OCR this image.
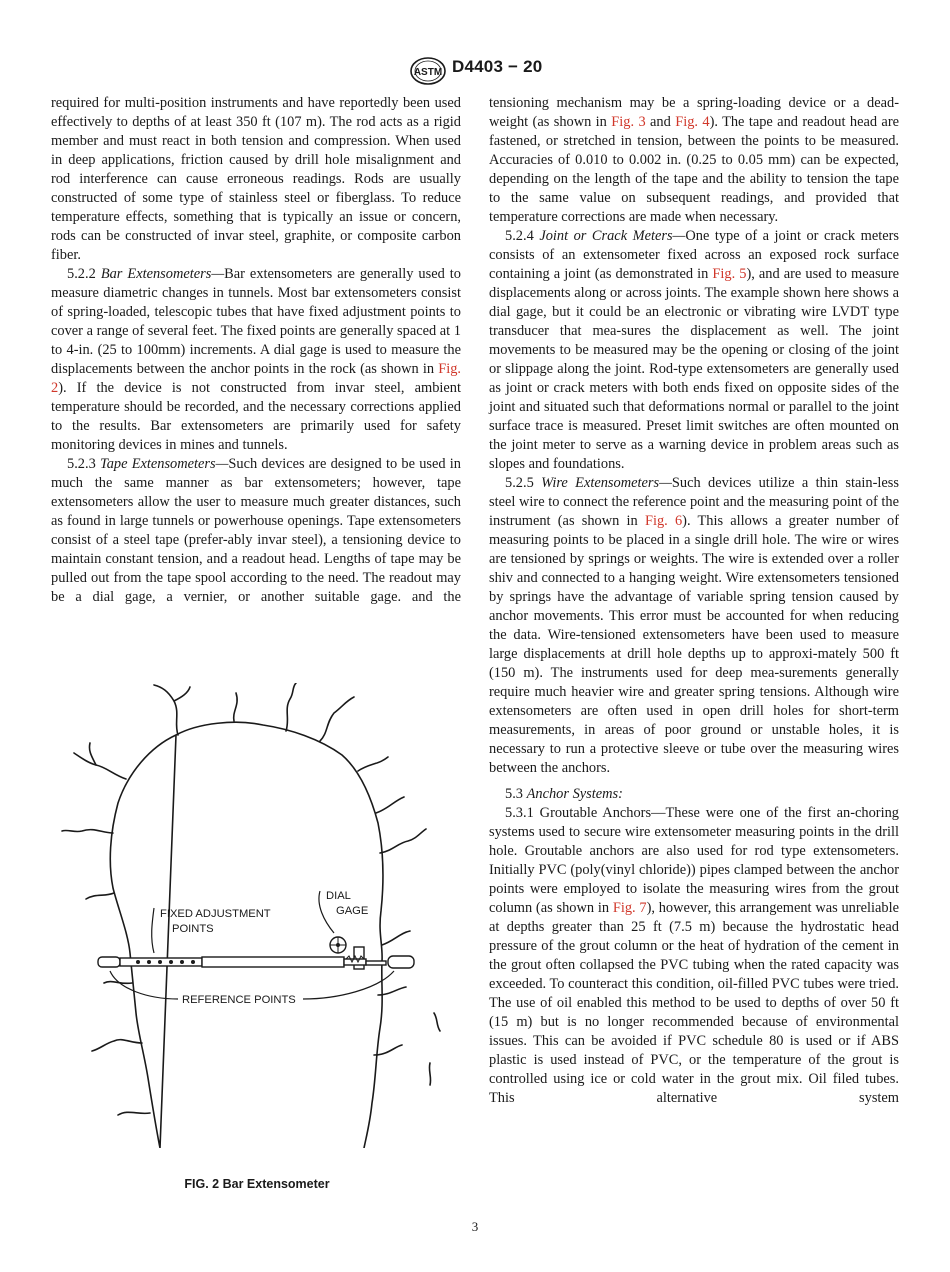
ASTM D4403 − 20

required for multi-position instruments and have reportedly been used effectively to depths of at least 350 ft (107 m). The rod acts as a rigid member and must react in both tension and compression. When used in deep applications, friction caused by drill hole misalignment and rod interference can cause erroneous readings. Rods are usually constructed of some type of stainless steel or fiberglass. To reduce temperature effects, something that is typically an issue or concern, rods can be constructed of invar steel, graphite, or composite carbon fiber.

5.2.2 Bar Extensometers—Bar extensometers are generally used to measure diametric changes in tunnels. Most bar extensometers consist of spring-loaded, telescopic tubes that have fixed adjustment points to cover a range of several feet. The fixed points are generally spaced at 1 to 4-in. (25 to 100mm) increments. A dial gage is used to measure the displacements between the anchor points in the rock (as shown in Fig. 2). If the device is not constructed from invar steel, ambient temperature should be recorded, and the necessary corrections applied to the results. Bar extensometers are primarily used for safety monitoring devices in mines and tunnels.

5.2.3 Tape Extensometers—Such devices are designed to be used in much the same manner as bar extensometers; however, tape extensometers allow the user to measure much greater distances, such as found in large tunnels or powerhouse openings. Tape extensometers consist of a steel tape (prefer-ably invar steel), a tensioning device to maintain constant tension, and a readout head. Lengths of tape may be pulled out from the tape spool according to the need. The readout may be a dial gage, a vernier, or another suitable gage. and the

FIXED ADJUSTMENT
POINTS
DIAL
GAGE
REFERENCE POINTS
FIG. 2 Bar Extensometer

tensioning mechanism may be a spring-loading device or a dead-weight (as shown in Fig. 3 and Fig. 4). The tape and readout head are fastened, or stretched in tension, between the points to be measured. Accuracies of 0.010 to 0.002 in. (0.25 to 0.05 mm) can be expected, depending on the length of the tape and the ability to tension the tape to the same value on subsequent readings, and provided that temperature corrections are made when necessary.

5.2.4 Joint or Crack Meters—One type of a joint or crack meters consists of an extensometer fixed across an exposed rock surface containing a joint (as demonstrated in Fig. 5), and are used to measure displacements along or across joints. The example shown here shows a dial gage, but it could be an electronic or vibrating wire LVDT type transducer that mea-sures the displacement as well. The joint movements to be measured may be the opening or closing of the joint or slippage along the joint. Rod-type extensometers are generally used as joint or crack meters with both ends fixed on opposite sides of the joint and situated such that deformations normal or parallel to the joint surface trace is measured. Preset limit switches are often mounted on the joint meter to serve as a warning device in problem areas such as slopes and foundations.

5.2.5 Wire Extensometers—Such devices utilize a thin stain-less steel wire to connect the reference point and the measuring point of the instrument (as shown in Fig. 6). This allows a greater number of measuring points to be placed in a single drill hole. The wire or wires are tensioned by springs or weights. The wire is extended over a roller shiv and connected to a hanging weight. Wire extensometers tensioned by springs have the advantage of variable spring tension caused by anchor movements. This error must be accounted for when reducing the data. Wire-tensioned extensometers have been used to measure large displacements at drill hole depths up to approxi-mately 500 ft (150 m). The instruments used for deep mea-surements generally require much heavier wire and greater spring tensions. Although wire extensometers are often used in open drill holes for short-term measurements, in areas of poor ground or unstable holes, it is necessary to run a protective sleeve or tube over the measuring wires between the anchors.

5.3 Anchor Systems:

5.3.1 Groutable Anchors—These were one of the first an-choring systems used to secure wire extensometer measuring points in the drill hole. Groutable anchors are also used for rod type extensometers. Initially PVC (poly(vinyl chloride)) pipes clamped between the anchor points were employed to isolate the measuring wires from the grout column (as shown in Fig. 7), however, this arrangement was unreliable at depths greater than 25 ft (7.5 m) because the hydrostatic head pressure of the grout column or the heat of hydration of the cement in the grout often collapsed the PVC tubing when the rated capacity was exceeded. To counteract this condition, oil-filled PVC tubes were tried. The use of oil enabled this method to be used to depths of over 50 ft (15 m) but is no longer recommended because of environmental issues. This can be avoided if PVC schedule 80 is used or if ABS plastic is used instead of PVC, or the temperature of the grout is controlled using ice or cold water in the grout mix. Oil filed tubes. This alternative system

3
